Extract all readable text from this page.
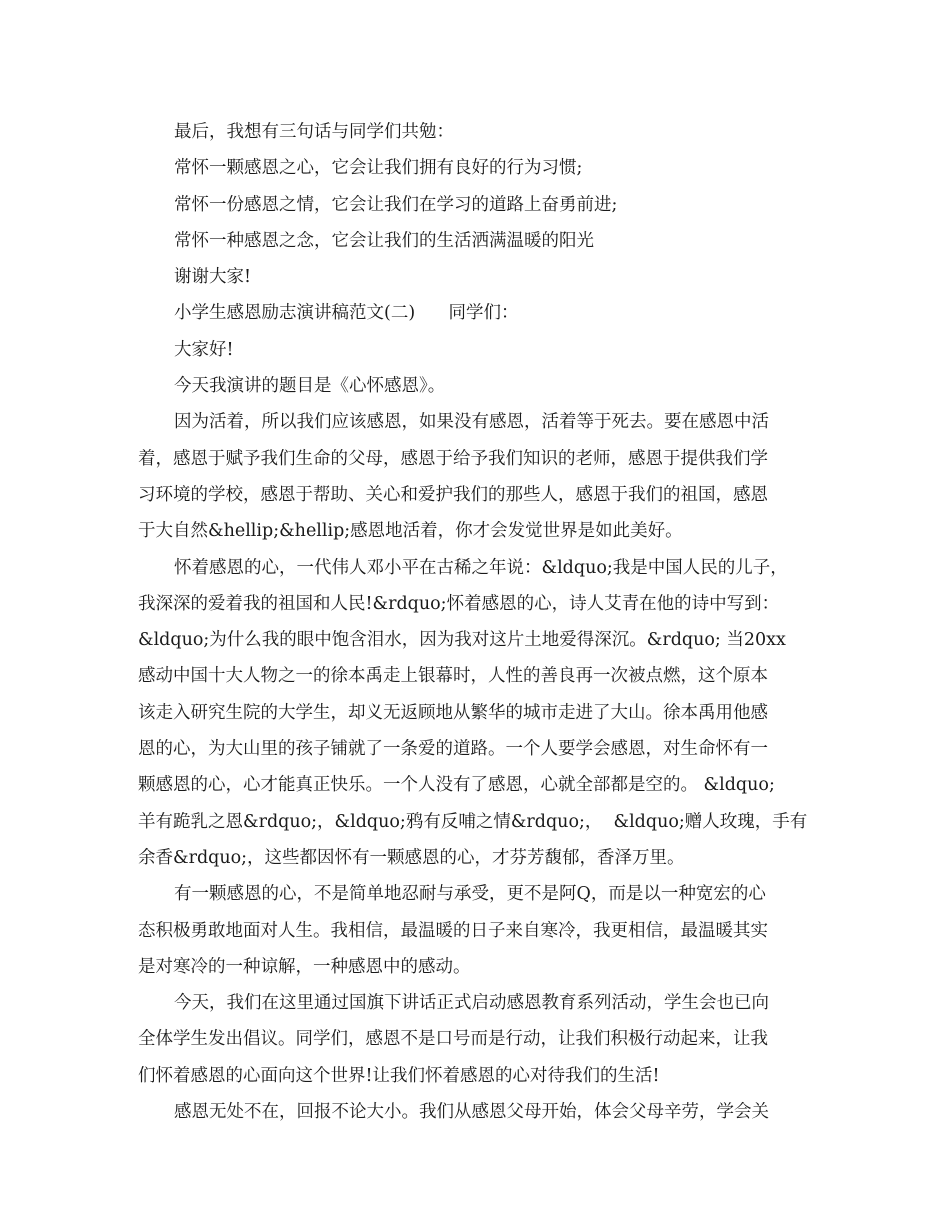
最后，我想有三句话与同学们共勉：
常怀一颗感恩之心，它会让我们拥有良好的行为习惯;
常怀一份感恩之情，它会让我们在学习的道路上奋勇前进;
常怀一种感恩之念，它会让我们的生活洒满温暖的阳光
谢谢大家!
小学生感恩励志演讲稿范文(二)      同学们：
大家好!
今天我演讲的题目是《心怀感恩》。
因为活着，所以我们应该感恩，如果没有感恩，活着等于死去。要在感恩中活
着，感恩于赋予我们生命的父母，感恩于给予我们知识的老师，感恩于提供我们学
习环境的学校，感恩于帮助、关心和爱护我们的那些人，感恩于我们的祖国，感恩
于大自然&hellip;&hellip;感恩地活着，你才会发觉世界是如此美好。
怀着感恩的心，一代伟人邓小平在古稀之年说：&ldquo;我是中国人民的儿子，
我深深的爱着我的祖国和人民!&rdquo;怀着感恩的心，诗人艾青在他的诗中写到：
&ldquo;为什么我的眼中饱含泪水，因为我对这片土地爱得深沉。&rdquo; 当20xx
感动中国十大人物之一的徐本禹走上银幕时，人性的善良再一次被点燃，这个原本
该走入研究生院的大学生，却义无返顾地从繁华的城市走进了大山。徐本禹用他感
恩的心，为大山里的孩子铺就了一条爱的道路。一个人要学会感恩，对生命怀有一
颗感恩的心，心才能真正快乐。一个人没有了感恩，心就全部都是空的。 &ldquo;
羊有跪乳之恩&rdquo;，&ldquo;鸦有反哺之情&rdquo;，  &ldquo;赠人玫瑰，手有
余香&rdquo;，这些都因怀有一颗感恩的心，才芬芳馥郁，香泽万里。
有一颗感恩的心，不是简单地忍耐与承受，更不是阿Q，而是以一种宽宏的心
态积极勇敢地面对人生。我相信，最温暖的日子来自寒冷，我更相信，最温暖其实
是对寒冷的一种谅解，一种感恩中的感动。
今天，我们在这里通过国旗下讲话正式启动感恩教育系列活动，学生会也已向
全体学生发出倡议。同学们，感恩不是口号而是行动，让我们积极行动起来，让我
们怀着感恩的心面向这个世界!让我们怀着感恩的心对待我们的生活!
感恩无处不在，回报不论大小。我们从感恩父母开始，体会父母辛劳，学会关
